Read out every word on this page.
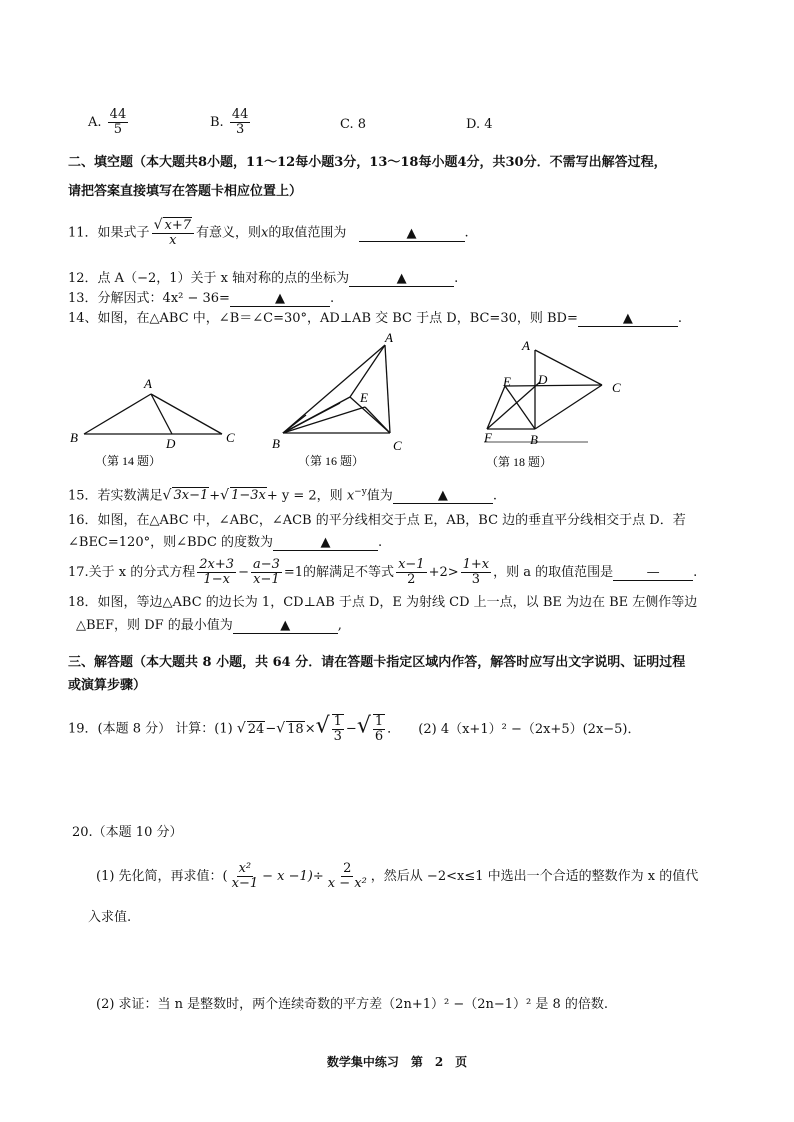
A. $\frac{44}{5}$	B. $\frac{44}{3}$	C. 8	D. 4
二、填空题（本大题共8小题，11～12每小题3分，13～18每小题4分，共30分．不需写出解答过程，
请把答案直接填写在答题卡相应位置上）
11．如果式子 $\frac{√ x+7}{x}$ 有意义，则x的取值范围为	▲	.
12．点 A（−2，1）关于 x 轴对称的点的坐标为	▲	.
13．分解因式：4x² − 36=	▲	.
14、如图，在△ABC 中，∠B＝∠C=30°，AD⊥AB 交 BC 于点 D，BC=30，则 BD=	▲	.
A
B	C
D
（第 14 题）
A
B	C
E
（第 16 题）
A
B
C
D
E
F
（第 18 题）
15．若实数满足√ 3x−1+√ 1−3x+ y = 2，则 $x^{-y}$值为	▲	.
16．如图，在△ABC 中，∠ABC，∠ACB 的平分线相交于点 E，AB，BC 边的垂直平分线相交于点 D．若
∠BEC=120°，则∠BDC 的度数为	▲	.
17.关于 x 的分式方程 $\frac{2x+3}{1-x} - \frac{a-3}{x-1} =1$的解满足不等式 $\frac{x-1}{2} +2> \frac{1+x}{3}$ ，则 a 的取值范围是	—	.
18．如图，等边△ABC 的边长为 1，CD⊥AB 于点 D，E 为射线 CD 上一点，以 BE 为边在 BE 左侧作等边
△BEF，则 DF 的最小值为	▲	,
三、解答题（本大题共 8 小题，共 64 分．请在答题卡指定区域内作答，解答时应写出文字说明、证明过程
或演算步骤）
19．(本题 8 分） 计算：(1) √ 24−√ $18\times√ \frac{1}{3}$ −√ $\frac{1}{6}$ ． (2) 4（x+1）² −（2x+5）(2x−5)．
20.（本题 10 分）
(1) 先化简，再求值：( $\frac{\text{x²}}{x-1} - x -1)\div \frac{2}{\text{x − x²}}$ ，然后从 −2<x≤1 中选出一个合适的整数作为 x 的值代
入求值.
(2) 求证：当 n 是整数时，两个连续奇数的平方差（2n+1）² −（2n−1）² 是 8 的倍数.
数学集中练习　第　2　页
